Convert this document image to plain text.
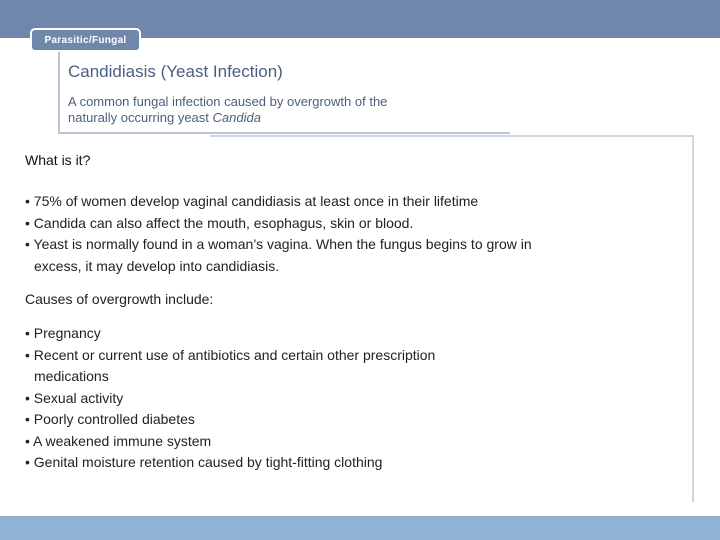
Parasitic/Fungal
Candidiasis (Yeast Infection)

A common fungal infection caused by overgrowth of the naturally occurring yeast Candida

What is it?
• 75% of women develop vaginal candidiasis at least once in their lifetime
• Candida can also affect the mouth, esophagus, skin or blood.
• Yeast is normally found in a woman’s vagina. When the fungus begins to grow in excess, it may develop into candidiasis.

Causes of overgrowth include:

• Pregnancy
• Recent or current use of antibiotics and certain other prescription medications
• Sexual activity
• Poorly controlled diabetes
• A weakened immune system
• Genital moisture retention caused by tight-fitting clothing
